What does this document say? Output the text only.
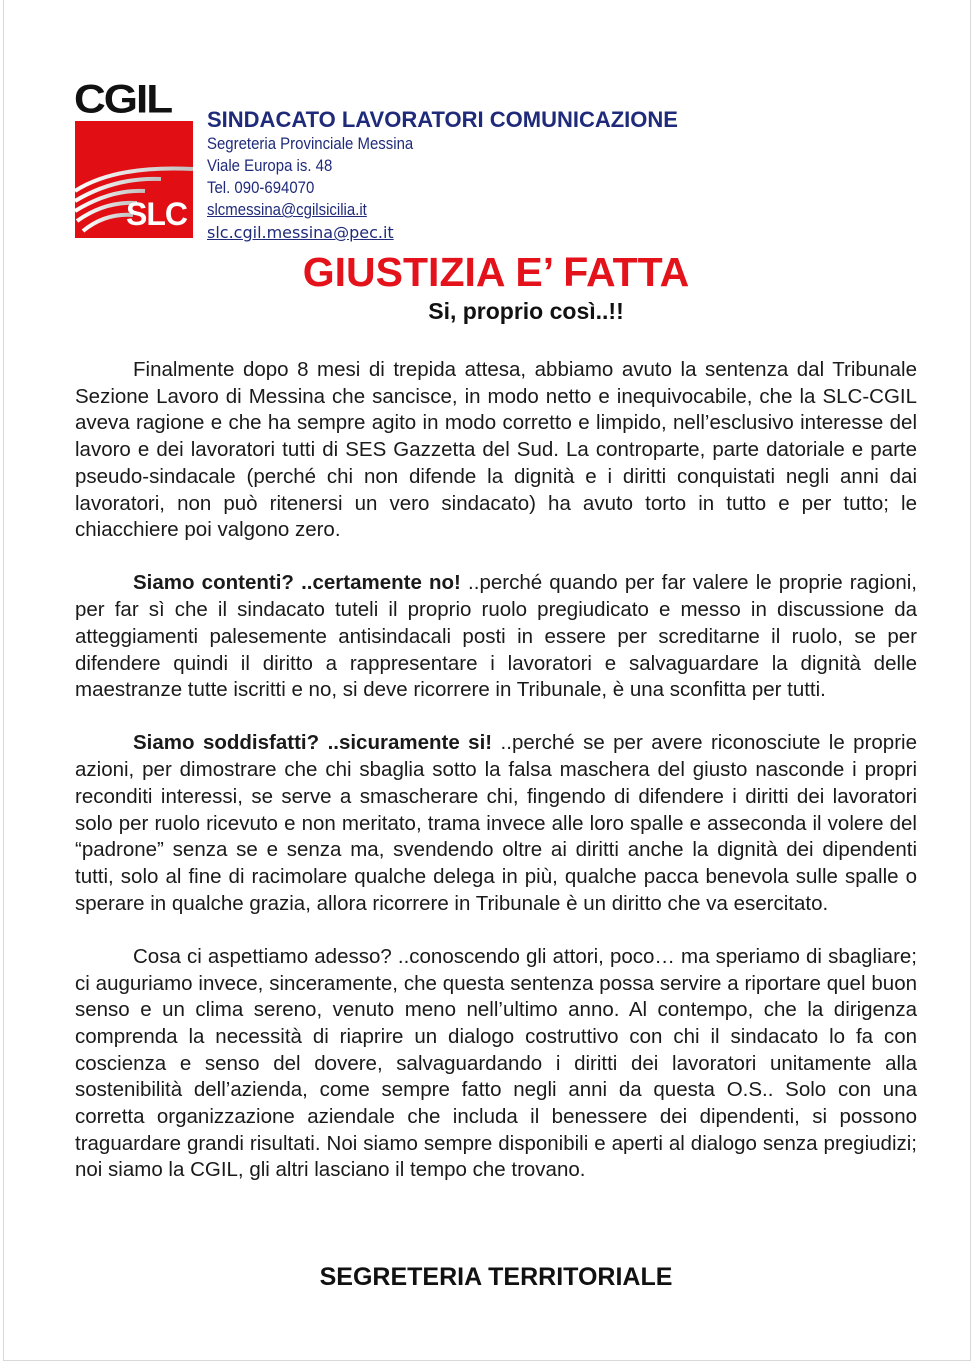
CGIL
SLC
SINDACATO LAVORATORI COMUNICAZIONE
Segreteria Provinciale Messina
Viale Europa is. 48
Tel. 090-694070
slcmessina@cgilsicilia.it
slc.cgil.messina@pec.it
GIUSTIZIA E’ FATTA
Si, proprio così..!!

Finalmente dopo 8 mesi di trepida attesa, abbiamo avuto la sentenza dal Tribunale Sezione Lavoro di Messina che sancisce, in modo netto e inequivocabile, che la SLC-CGIL aveva ragione e che ha sempre agito in modo corretto e limpido, nell’esclusivo interesse del lavoro e dei lavoratori tutti di SES Gazzetta del Sud. La controparte, parte datoriale e parte pseudo-sindacale (perché chi non difende la dignità e i diritti conquistati negli anni dai lavoratori, non può ritenersi un vero sindacato) ha avuto torto in tutto e per tutto; le chiacchiere poi valgono zero.

Siamo contenti? ..certamente no! ..perché quando per far valere le proprie ragioni, per far sì che il sindacato tuteli il proprio ruolo pregiudicato e messo in discussione da atteggiamenti palesemente antisindacali posti in essere per screditarne il ruolo, se per difendere quindi il diritto a rappresentare i lavoratori e salvaguardare la dignità delle maestranze tutte iscritti e no, si deve ricorrere in Tribunale, è una sconfitta per tutti.

Siamo soddisfatti? ..sicuramente si! ..perché se per avere riconosciute le proprie azioni, per dimostrare che chi sbaglia sotto la falsa maschera del giusto nasconde i propri reconditi interessi, se serve a smascherare chi, fingendo di difendere i diritti dei lavoratori solo per ruolo ricevuto e non meritato, trama invece alle loro spalle e asseconda il volere del “padrone” senza se e senza ma, svendendo oltre ai diritti anche la dignità dei dipendenti tutti, solo al fine di racimolare qualche delega in più, qualche pacca benevola sulle spalle o sperare in qualche grazia, allora ricorrere in Tribunale è un diritto che va esercitato.

Cosa ci aspettiamo adesso? ..conoscendo gli attori, poco… ma speriamo di sbagliare; ci auguriamo invece, sinceramente, che questa sentenza possa servire a riportare quel buon senso e un clima sereno, venuto meno nell’ultimo anno. Al contempo, che la dirigenza comprenda la necessità di riaprire un dialogo costruttivo con chi il sindacato lo fa con coscienza e senso del dovere, salvaguardando i diritti dei lavoratori unitamente alla sostenibilità dell’azienda, come sempre fatto negli anni da questa O.S.. Solo con una corretta organizzazione aziendale che includa il benessere dei dipendenti, si possono traguardare grandi risultati. Noi siamo sempre disponibili e aperti al dialogo senza pregiudizi; noi siamo la CGIL, gli altri lasciano il tempo che trovano.

SEGRETERIA TERRITORIALE
